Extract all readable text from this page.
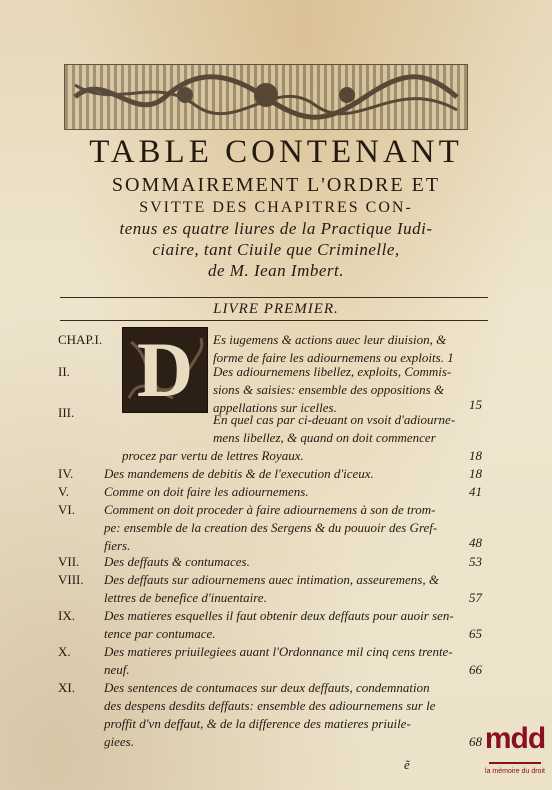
TABLE CONTENANT
SOMMAIREMENT L'ORDRE ET
SVITTE DES CHAPITRES CON-
tenus es quatre liures de la Practique Iudi-
ciaire, tant Ciuile que Criminelle,
de M. Iean Imbert.
LIVRE PREMIER.
D
CHAP.I.	Es iugemens & actions auec leur diuision, &
forme de faire les adiournemens ou exploits. 1
II.	Des adiournemens libellez, exploits, Commis-
sions & saisies: ensemble des oppositions &
appellations sur icelles.	15
III.	En quel cas par ci-deuant on vsoit d'adiourne-
mens libellez, & quand on doit commencer
procez par vertu de lettres Royaux.	18
IV. Des mandemens de debitis & de l'execution d'iceux.	18
V.	Comme on doit faire les adiournemens.	41
VI. Comment on doit proceder à faire adiournemens à son de trom-
pe: ensemble de la creation des Sergens & du pouuoir des Gref-
fiers.	48
VII. Des deffauts & contumaces.	53
VIII. Des deffauts sur adiournemens auec intimation, asseuremens, &
lettres de benefice d'inuentaire.	57
IX. Des matieres esquelles il faut obtenir deux deffauts pour auoir sen-
tence par contumace.	65
X.	Des matieres priuilegiees auant l'Ordonnance mil cinq cens trente-
neuf.	66
XI. Des sentences de contumaces sur deux deffauts, condemnation
des despens desdits deffauts: ensemble des adiournemens sur le
proffit d'vn deffaut, & de la difference des matieres priuile-
giees.	68
ẽ
mdd
la mémoire du droit
